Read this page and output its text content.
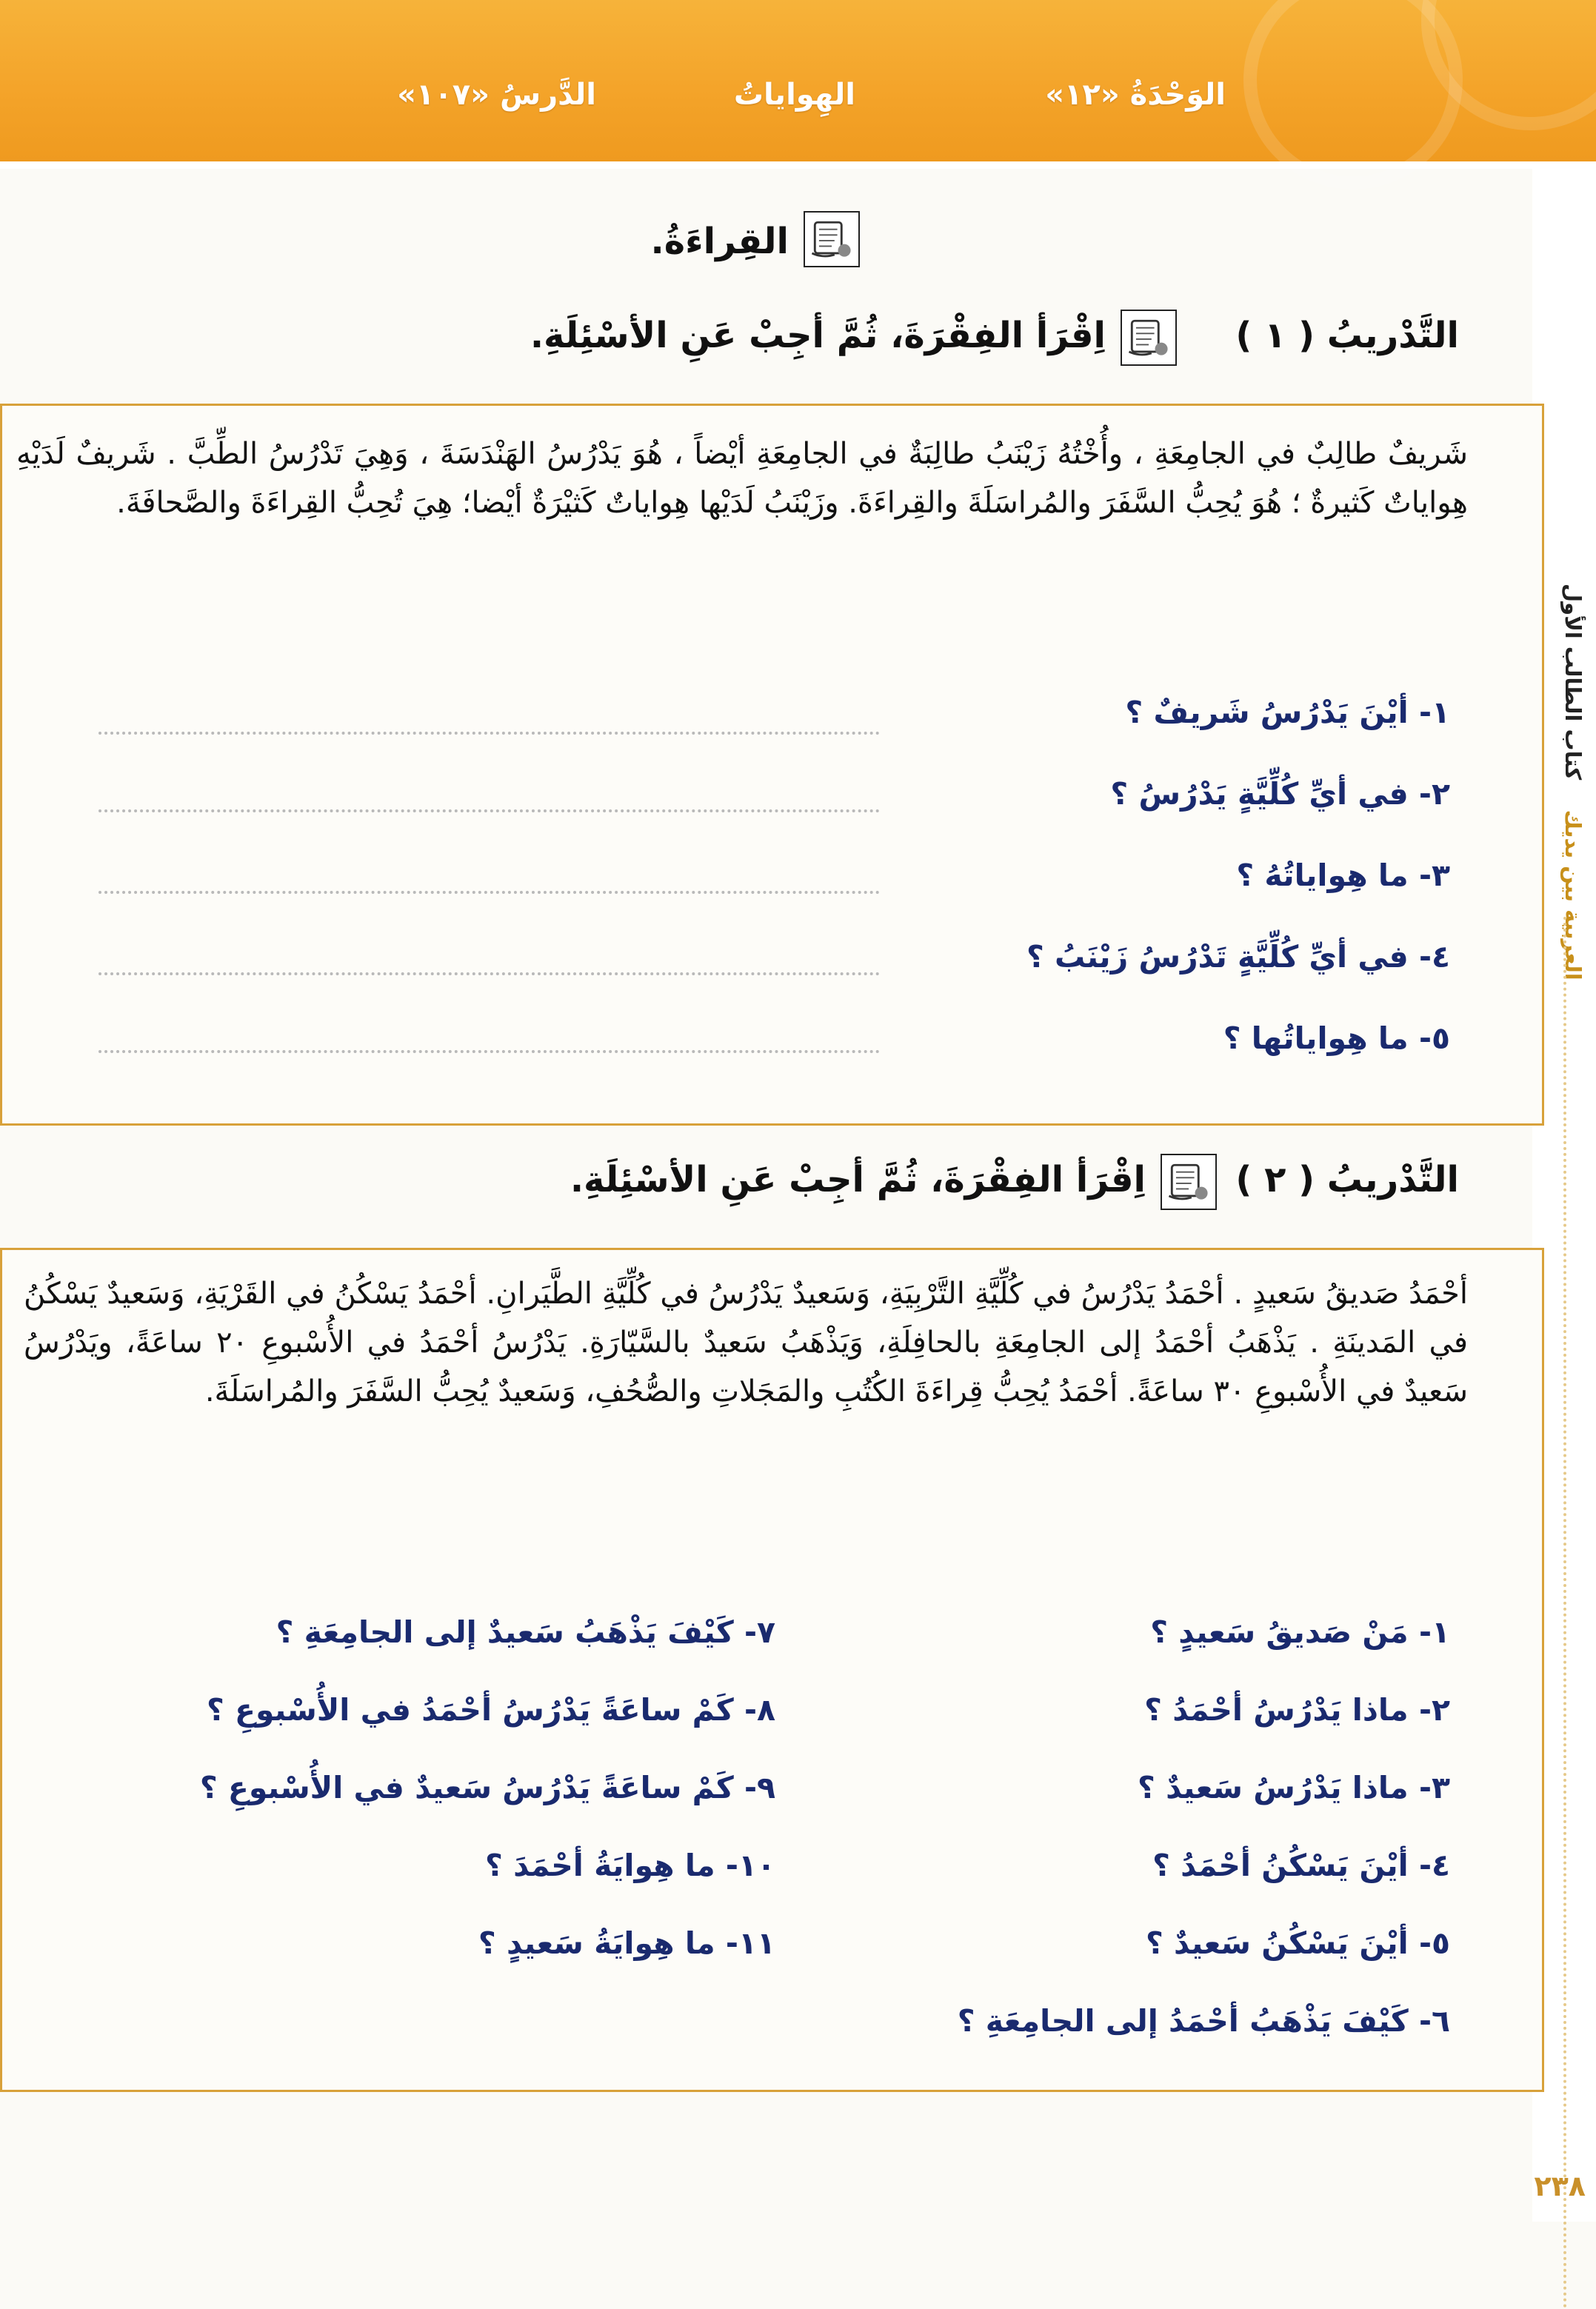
الوَحْدَةُ «١٢»
الهِواياتُ
الدَّرسُ «١٠٧»
العربية بين يديك    كتاب الطالب الأول
٢٣٨
القِراءَةُ.
التَّدْريبُ ( ١ )
اِقْرَأ الفِقْرَةَ، ثُمَّ أجِبْ عَنِ الأسْئِلَةِ.
شَريفٌ طالِبٌ في الجامِعَةِ ، وأُخْتُهُ زَيْنَبُ طالِبَةٌ في الجامِعَةِ أيْضاً ، هُوَ يَدْرُسُ الهَنْدَسَةَ ، وَهِيَ تَدْرُسُ الطِّبَّ . شَريفٌ لَدَيْهِ هِواياتٌ كَثيرةٌ ؛ هُوَ يُحِبُّ السَّفَرَ والمُراسَلَةَ والقِراءَةَ. وزَيْنَبُ لَدَيْها هِواياتٌ كَثيْرَةٌ أيْضا؛ هِيَ تُحِبُّ القِراءَةَ والصَّحافَةَ.
١- أيْنَ يَدْرُسُ شَريفٌ ؟
٢- في أيِّ كُلِّيَّةٍ يَدْرُسُ ؟
٣- ما هِواياتُهُ ؟
٤- في أيِّ كُلِّيَّةٍ تَدْرُسُ زَيْنَبُ ؟
٥- ما هِواياتُها ؟
التَّدْريبُ ( ٢ )
اِقْرَأ الفِقْرَةَ، ثُمَّ أجِبْ عَنِ الأسْئِلَةِ.
أحْمَدُ صَديقُ سَعيدٍ . أحْمَدُ يَدْرُسُ في كُلِّيَّةِ التَّرْبِيَةِ، وَسَعيدٌ يَدْرُسُ في كُلِّيَّةِ الطَّيَرانِ. أحْمَدُ يَسْكُنُ في القَرْيَةِ، وَسَعيدٌ يَسْكُنُ في المَدينَةِ . يَذْهَبُ أحْمَدُ إلى الجامِعَةِ بالحافِلَةِ، وَيَذْهَبُ سَعيدٌ بالسَّيّارَةِ. يَدْرُسُ أحْمَدُ في الأُسْبوعِ ٢٠ ساعَةً، ويَدْرُسُ سَعيدٌ في الأُسْبوعِ ٣٠ ساعَةً. أحْمَدُ يُحِبُّ قِراءَةَ الكُتُبِ والمَجَلاتِ والصُّحُفِ، وَسَعيدٌ يُحِبُّ السَّفَرَ والمُراسَلَةَ.
١- مَنْ صَديقُ سَعيدٍ ؟
٢- ماذا يَدْرُسُ أحْمَدُ ؟
٣- ماذا يَدْرُسُ سَعيدٌ ؟
٤- أيْنَ يَسْكُنُ أحْمَدُ ؟
٥- أيْنَ يَسْكُنُ سَعيدٌ ؟
٦- كَيْفَ يَذْهَبُ أحْمَدُ إلى الجامِعَةِ ؟
٧- كَيْفَ يَذْهَبُ سَعيدٌ إلى الجامِعَةِ ؟
٨- كَمْ ساعَةً يَدْرُسُ أحْمَدُ في الأُسْبوعِ ؟
٩- كَمْ ساعَةً يَدْرُسُ سَعيدٌ في الأُسْبوعِ ؟
١٠- ما هِوايَةُ أحْمَدَ ؟
١١- ما هِوايَةُ سَعيدٍ ؟
